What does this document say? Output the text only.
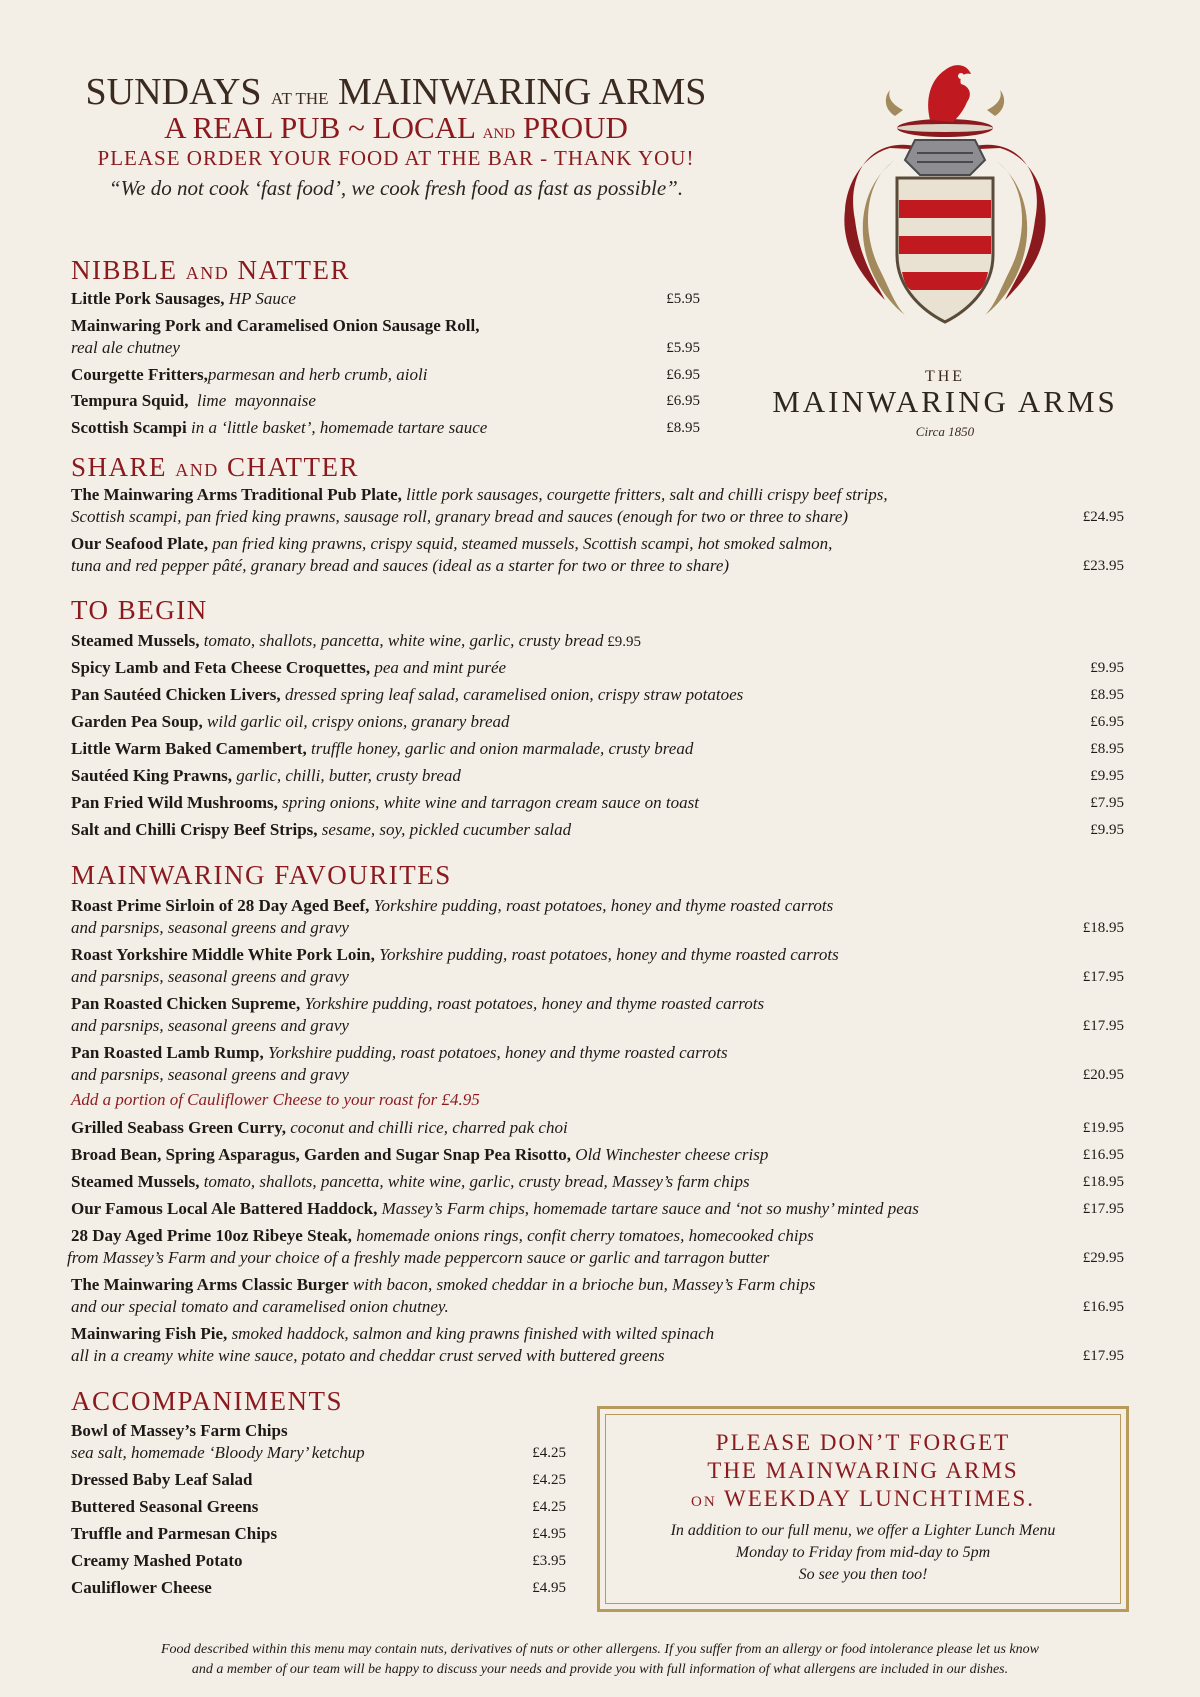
SUNDAYS AT THE MAINWARING ARMS
A REAL PUB ~ LOCAL AND PROUD
PLEASE ORDER YOUR FOOD AT THE BAR - THANK YOU!
“We do not cook ‘fast food’, we cook fresh food as fast as possible”.
THE
MAINWARING ARMS
Circa 1850
NIBBLE AND NATTER
Little Pork Sausages, HP Sauce	£5.95
Mainwaring Pork and Caramelised Onion Sausage Roll,
real ale chutney	£5.95
Courgette Fritters,parmesan and herb crumb, aioli	£6.95
Tempura Squid,  lime  mayonnaise	£6.95
Scottish Scampi in a ‘little basket’, homemade tartare sauce	£8.95
SHARE AND CHATTER
The Mainwaring Arms Traditional Pub Plate, little pork sausages, courgette fritters, salt and chilli crispy beef strips,
Scottish scampi, pan fried king prawns, sausage roll, granary bread and sauces (enough for two or three to share)	£24.95
Our Seafood Plate, pan fried king prawns, crispy squid, steamed mussels, Scottish scampi, hot smoked salmon,
tuna and red pepper pâté, granary bread and sauces (ideal as a starter for two or three to share)	£23.95
TO BEGIN
Steamed Mussels, tomato, shallots, pancetta, white wine, garlic, crusty bread £9.95
Spicy Lamb and Feta Cheese Croquettes, pea and mint purée	£9.95
Pan Sautéed Chicken Livers, dressed spring leaf salad, caramelised onion, crispy straw potatoes	£8.95
Garden Pea Soup, wild garlic oil, crispy onions, granary bread	£6.95
Little Warm Baked Camembert, truffle honey, garlic and onion marmalade, crusty bread	£8.95
Sautéed King Prawns, garlic, chilli, butter, crusty bread	£9.95
Pan Fried Wild Mushrooms, spring onions, white wine and tarragon cream sauce on toast	£7.95
Salt and Chilli Crispy Beef Strips, sesame, soy, pickled cucumber salad	£9.95
MAINWARING FAVOURITES
Roast Prime Sirloin of 28 Day Aged Beef, Yorkshire pudding, roast potatoes, honey and thyme roasted carrots
and parsnips, seasonal greens and gravy	£18.95
Roast Yorkshire Middle White Pork Loin, Yorkshire pudding, roast potatoes, honey and thyme roasted carrots
and parsnips, seasonal greens and gravy	£17.95
Pan Roasted Chicken Supreme, Yorkshire pudding, roast potatoes, honey and thyme roasted carrots
and parsnips, seasonal greens and gravy	£17.95
Pan Roasted Lamb Rump, Yorkshire pudding, roast potatoes, honey and thyme roasted carrots
and parsnips, seasonal greens and gravy	£20.95
Add a portion of Cauliflower Cheese to your roast for £4.95
Grilled Seabass Green Curry, coconut and chilli rice, charred pak choi	£19.95
Broad Bean, Spring Asparagus, Garden and Sugar Snap Pea Risotto, Old Winchester cheese crisp	£16.95
Steamed Mussels, tomato, shallots, pancetta, white wine, garlic, crusty bread, Massey’s farm chips	£18.95
Our Famous Local Ale Battered Haddock, Massey’s Farm chips, homemade tartare sauce and ‘not so mushy’ minted peas	£17.95
28 Day Aged Prime 10oz Ribeye Steak, homemade onions rings, confit cherry tomatoes, homecooked chips
from Massey’s Farm and your choice of a freshly made peppercorn sauce or garlic and tarragon butter	£29.95
The Mainwaring Arms Classic Burger with bacon, smoked cheddar in a brioche bun, Massey’s Farm chips
and our special tomato and caramelised onion chutney.	£16.95
Mainwaring Fish Pie, smoked haddock, salmon and king prawns finished with wilted spinach
all in a creamy white wine sauce, potato and cheddar crust served with buttered greens	£17.95
ACCOMPANIMENTS
Bowl of Massey’s Farm Chips
sea salt, homemade ‘Bloody Mary’ ketchup	£4.25
Dressed Baby Leaf Salad	£4.25
Buttered Seasonal Greens	£4.25
Truffle and Parmesan Chips	£4.95
Creamy Mashed Potato	£3.95
Cauliflower Cheese	£4.95
PLEASE DON’T FORGET
THE MAINWARING ARMS
ON WEEKDAY LUNCHTIMES.
In addition to our full menu, we offer a Lighter Lunch Menu
Monday to Friday from mid-day to 5pm
So see you then too!
Food described within this menu may contain nuts, derivatives of nuts or other allergens. If you suffer from an allergy or food intolerance please let us know
and a member of our team will be happy to discuss your needs and provide you with full information of what allergens are included in our dishes.
